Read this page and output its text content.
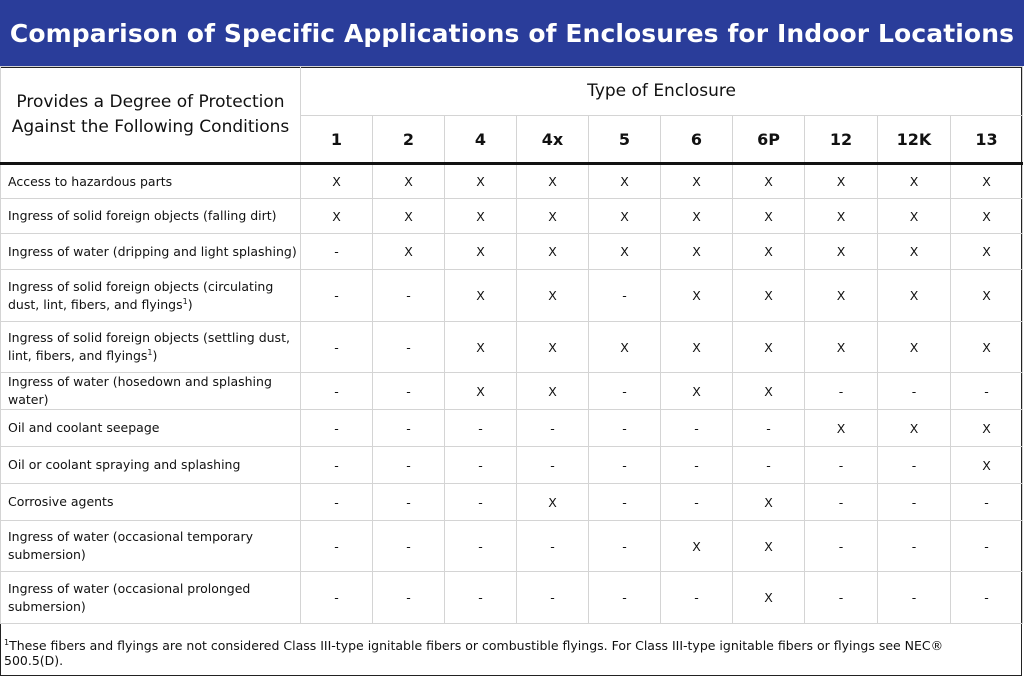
Comparison of Specific Applications of Enclosures for Indoor Locations
Provides a Degree of Protection
Against the Following Conditions	Type of Enclosure									
	1	2	4	4x	5	6	6P	12	12K	13
Access to hazardous parts	X	X	X	X	X	X	X	X	X	X
Ingress of solid foreign objects (falling dirt)	X	X	X	X	X	X	X	X	X	X
Ingress of water (dripping and light splashing)	-	X	X	X	X	X	X	X	X	X
Ingress of solid foreign objects (circulating dust, lint, fibers, and flyings$^1$)	-	-	X	X	-	X	X	X	X	X
Ingress of solid foreign objects (settling dust, lint, fibers, and flyings$^1$)	-	-	X	X	X	X	X	X	X	X
Ingress of water (hosedown and splashing water)	-	-	X	X	-	X	X	-	-	-
Oil and coolant seepage	-	-	-	-	-	-	-	X	X	X
Oil or coolant spraying and splashing	-	-	-	-	-	-	-	-	-	X
Corrosive agents	-	-	-	X	-	-	X	-	-	-
Ingress of water (occasional temporary submersion)	-	-	-	-	-	X	X	-	-	-
Ingress of water (occasional prolonged submersion)	-	-	-	-	-	-	X	-	-	-
$^1$These fibers and flyings are not considered Class III-type ignitable fibers or combustible flyings. For Class III-type ignitable fibers or flyings see NEC® 500.5(D).
